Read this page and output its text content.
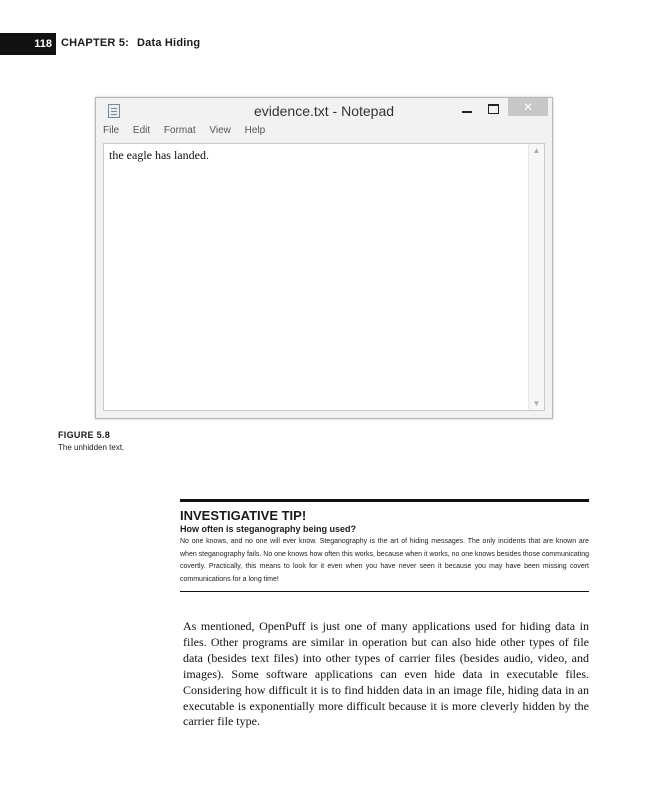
118 CHAPTER 5: Data Hiding
evidence.txt - Notepad	✕
File Edit Format View Help
the eagle has landed.	▲
▼
FIGURE 5.8
The unhidden text.
INVESTIGATIVE TIP!
How often is steganography being used?
No one knows, and no one will ever know. Steganography is the art of hiding messages. The only incidents that are known are when steganography fails. No one knows how often this works, because when it works, no one knows besides those communicating covertly. Practically, this means to look for it even when you have never seen it because you may have been missing covert communications for a long time!
As mentioned, OpenPuff is just one of many applications used for hiding data in files. Other programs are similar in operation but can also hide other types of file data (besides text files) into other types of carrier files (besides audio, video, and images). Some software applications can even hide data in executable files. Considering how difficult it is to find hidden data in an image file, hiding data in an executable is exponentially more difficult because it is more cleverly hidden by the carrier file type.
